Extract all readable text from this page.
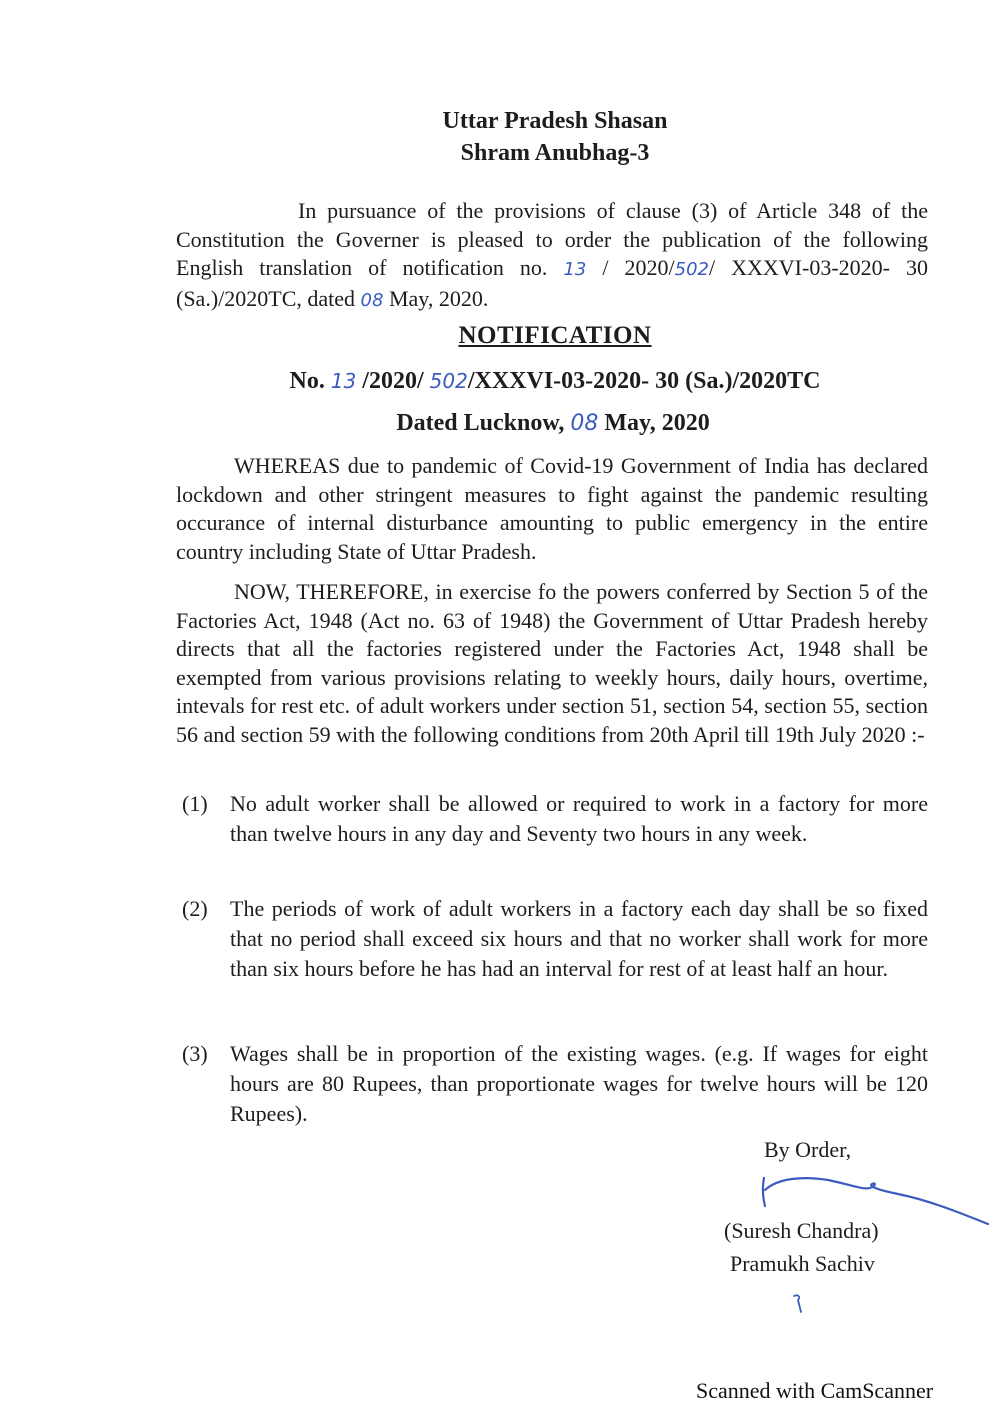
Uttar Pradesh Shasan
Shram Anubhag-3
In pursuance of the provisions of clause (3) of Article 348 of the Constitution the Governer is pleased to order the publication of the following English translation of notification no. 13 / 2020/502/ XXXVI-03-2020- 30 (Sa.)/2020TC, dated 08 May, 2020.
NOTIFICATION
No. 13 /2020/ 502/XXXVI-03-2020- 30 (Sa.)/2020TC
Dated Lucknow, 08 May, 2020
WHEREAS due to pandemic of Covid-19 Government of India has declared lockdown and other stringent measures to fight against the pandemic resulting occurance of internal disturbance amounting to public emergency in the entire country including State of Uttar Pradesh.
NOW, THEREFORE, in exercise fo the powers conferred by Section 5 of the Factories Act, 1948 (Act no. 63 of 1948) the Government of Uttar Pradesh hereby directs that all the factories registered under the Factories Act, 1948 shall be exempted from various provisions relating to weekly hours, daily hours, overtime, intevals for rest etc. of adult workers under section 51, section 54, section 55, section 56 and section 59 with the following conditions from 20th April till 19th July 2020 :-
(1)	No adult worker shall be allowed or required to work in a factory for more than twelve hours in any day and Seventy two hours in any week.
(2)	The periods of work of adult workers in a factory each day shall be so fixed that no period shall exceed six hours and that no worker shall work for more than six hours before he has had an interval for rest of at least half an hour.
(3)	Wages shall be in proportion of the existing wages. (e.g. If wages for eight hours are 80 Rupees, than proportionate wages for twelve hours will be 120 Rupees).
By Order,
(Suresh Chandra)
Pramukh Sachiv
Scanned with CamScanner
